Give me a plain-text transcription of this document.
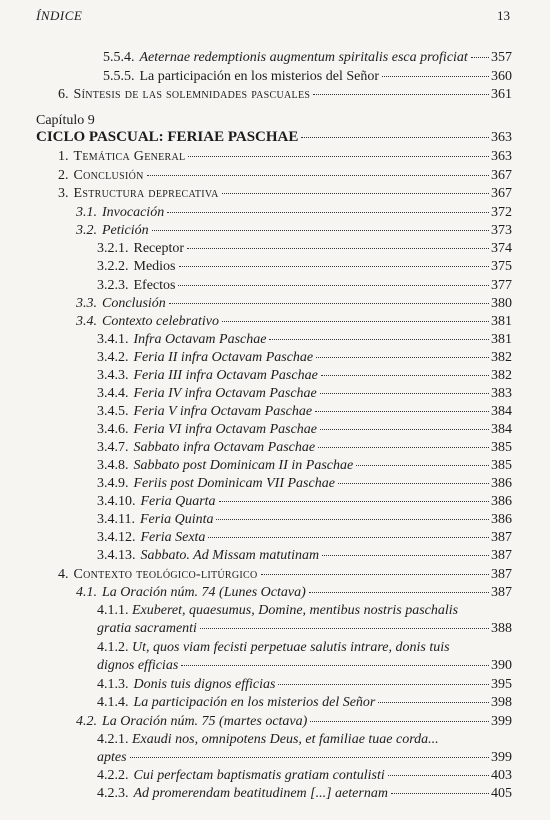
ÍNDICE	13
5.5.4. Aeternae redemptionis augmentum spiritalis esca proficiat 357
5.5.5. La participación en los misterios del Señor	360
6. Síntesis de las solemnidades pascuales	361
Capítulo 9
CICLO PASCUAL: FERIAE PASCHAE	363
1. Temática General	363
2. Conclusión	367
3. Estructura deprecativa	367
3.1. Invocación	372
3.2. Petición	373
3.2.1. Receptor	374
3.2.2. Medios	375
3.2.3. Efectos	377
3.3. Conclusión	380
3.4. Contexto celebrativo	381
3.4.1. Infra Octavam Paschae	381
3.4.2. Feria II infra Octavam Paschae	382
3.4.3. Feria III infra Octavam Paschae	382
3.4.4. Feria IV infra Octavam Paschae	383
3.4.5. Feria V infra Octavam Paschae	384
3.4.6. Feria VI infra Octavam Paschae	384
3.4.7. Sabbato infra Octavam Paschae	385
3.4.8. Sabbato post Dominicam II in Paschae	385
3.4.9. Feriis post Dominicam VII Paschae	386
3.4.10. Feria Quarta	386
3.4.11. Feria Quinta	386
3.4.12. Feria Sexta	387
3.4.13. Sabbato. Ad Missam matutinam	387
4. Contexto teológico-litúrgico	387
4.1. La Oración núm. 74 (Lunes Octava)	387
4.1.1. Exuberet, quaesumus, Domine, mentibus nostris paschalis
gratia sacramenti	388
4.1.2. Ut, quos viam fecisti perpetuae salutis intrare, donis tuis
dignos efficias	390
4.1.3. Donis tuis dignos efficias	395
4.1.4. La participación en los misterios del Señor	398
4.2. La Oración núm. 75 (martes octava)	399
4.2.1. Exaudi nos, omnipotens Deus, et familiae tuae corda...
aptes	399
4.2.2. Cui perfectam baptismatis gratiam contulisti	403
4.2.3. Ad promerendam beatitudinem [...] aeternam	405
